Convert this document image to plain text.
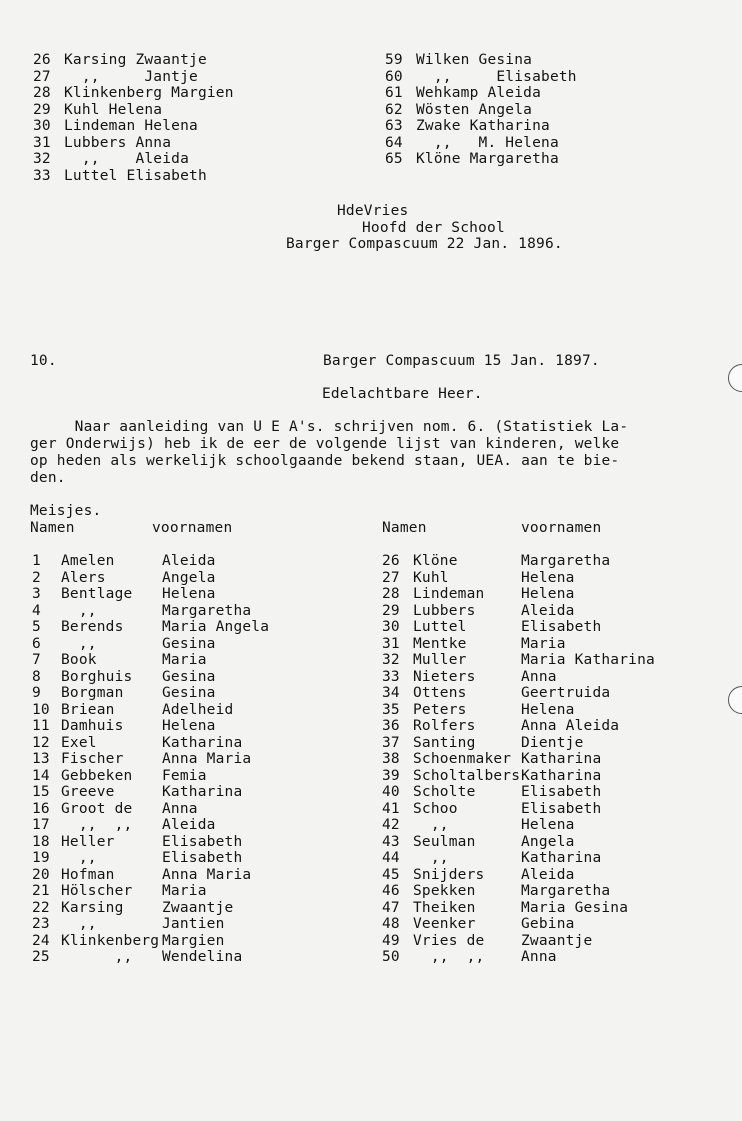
26 Karsing Zwaantje
27 ,,     Jantje
28 Klinkenberg Margien
29 Kuhl Helena
30 Lindeman Helena
31 Lubbers Anna
32 ,,    Aleida
33 Luttel Elisabeth
59 Wilken Gesina
60 ,,     Elisabeth
61 Wehkamp Aleida
62 Wösten Angela
63 Zwake Katharina
64 ,,   M. Helena
65 Klöne Margaretha
HdeVries
Hoofd der School
Barger Compascuum 22 Jan. 1896.
10.	Barger Compascuum 15 Jan. 1897.
Edelachtbare Heer.
Naar aanleiding van U E A's. schrijven nom. 6. (Statistiek La-
ger Onderwijs) heb ik de eer de volgende lijst van kinderen, welke
op heden als werkelijk schoolgaande bekend staan, UEA. aan te bie-
den.
Meisjes.
Namen	voornamen	Namen	voornamen
1 Amelen	Aleida
2 Alers	Angela
3 Bentlage Helena
4 ,,	Margaretha
5 Berends	Maria Angela
6 ,,	Gesina
7 Book	Maria
8 Borghuis Gesina
9 Borgman	Gesina
10 Briean	Adelheid
11 Damhuis	Helena
12 Exel	Katharina
13 Fischer	Anna Maria
14 Gebbeken Femia
15 Greeve	Katharina
16 Groot de Anna
17 ,,  ,, Aleida
18 Heller	Elisabeth
19 ,,	Elisabeth
20 Hofman	Anna Maria
21 Hölscher Maria
22 Karsing	Zwaantje
23 ,,	Jantien
24 Klinkenberg Margien
25 ,, Wendelina
26 Klöne	Margaretha
27 Kuhl	Helena
28 Lindeman	Helena
29 Lubbers	Aleida
30 Luttel	Elisabeth
31 Mentke	Maria
32 Muller	Maria Katharina
33 Nieters	Anna
34 Ottens	Geertruida
35 Peters	Helena
36 Rolfers	Anna Aleida
37 Santing	Dientje
38 Schoenmaker Katharina
39 Scholtalbers Katharina
40 Scholte	Elisabeth
41 Schoo	Elisabeth
42 ,,	Helena
43 Seulman	Angela
44 ,,	Katharina
45 Snijders	Aleida
46 Spekken	Margaretha
47 Theiken	Maria Gesina
48 Veenker	Gebina
49 Vries de	Zwaantje
50 ,,  ,,	Anna
